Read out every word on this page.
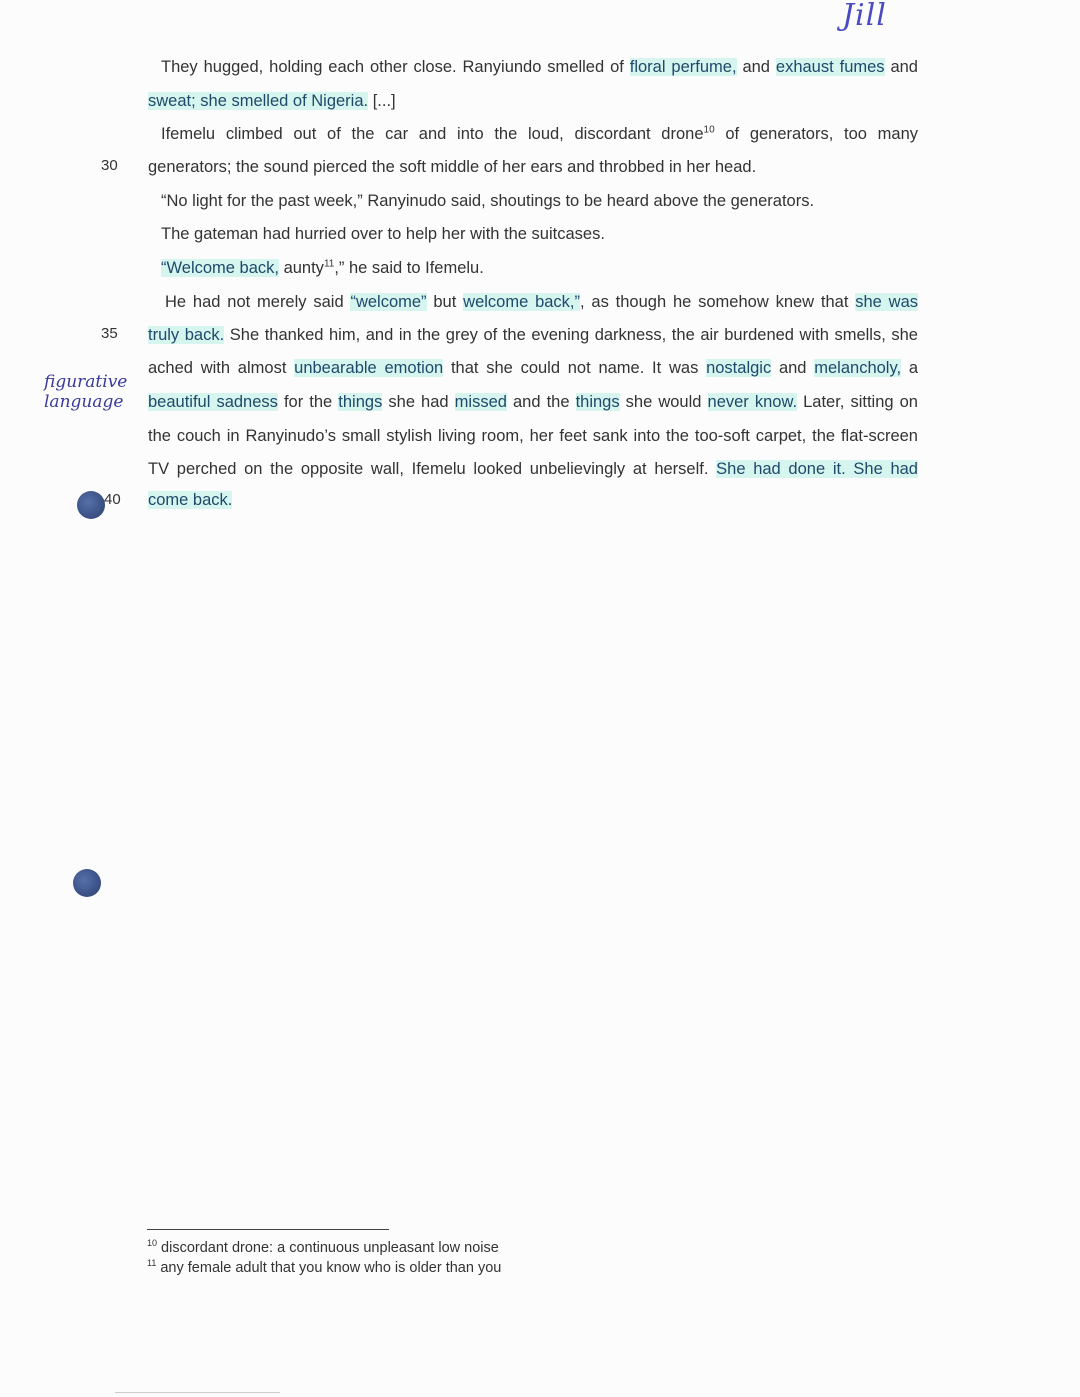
Jill
figurative
language
They hugged, holding each other close. Ranyiundo smelled of floral perfume, and exhaust fumes and
sweat; she smelled of Nigeria. [...]
Ifemelu climbed out of the car and into the loud, discordant drone$^{10}$ of generators, too many
30 generators; the sound pierced the soft middle of her ears and throbbed in her head.
“No light for the past week,” Ranyinudo said, shoutings to be heard above the generators.
The gateman had hurried over to help her with the suitcases.
“Welcome back, aunty$^{11}$,” he said to Ifemelu.
He had not merely said “welcome” but welcome back,”, as though he somehow knew that she was
35 truly back. She thanked him, and in the grey of the evening darkness, the air burdened with smells, she
ached with almost unbearable emotion that she could not name. It was nostalgic and melancholy, a
beautiful sadness for the things she had missed and the things she would never know. Later, sitting on
the couch in Ranyinudo’s small stylish living room, her feet sank into the too-soft carpet, the flat-screen
TV perched on the opposite wall, Ifemelu looked unbelievingly at herself. She had done it. She had
40 come back.
$^{10}$ discordant drone: a continuous unpleasant low noise
$^{11}$ any female adult that you know who is older than you
